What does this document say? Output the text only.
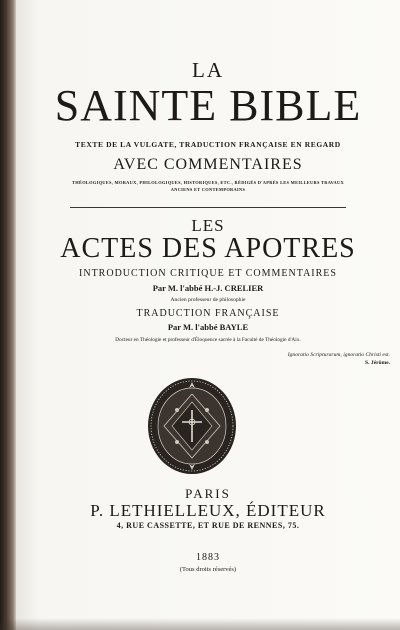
LA

SAINTE BIBLE

TEXTE DE LA VULGATE, TRADUCTION FRANÇAISE EN REGARD

AVEC COMMENTAIRES

THÉOLOGIQUES, MORAUX, PHILOLOGIQUES, HISTORIQUES, ETC., RÉDIGÉS D'APRÈS LES MEILLEURS TRAVAUX

ANCIENS ET CONTEMPORAINS

LES

ACTES DES APOTRES

INTRODUCTION CRITIQUE ET COMMENTAIRES

Par M. l'abbé H.-J. CRELIER

Ancien professeur de philosophie

TRADUCTION FRANÇAISE

Par M. l'abbé BAYLE

Docteur en Théologie et professeur d'Éloquence sacrée à la Faculté de Théologie d'Aix.

Ignoratio Scripturarum, ignoratio Christi est.

S. Jérôme.

PARIS

P. LETHIELLEUX, ÉDITEUR

4, RUE CASSETTE, ET RUE DE RENNES, 75.

1883

(Tous droits réservés)
